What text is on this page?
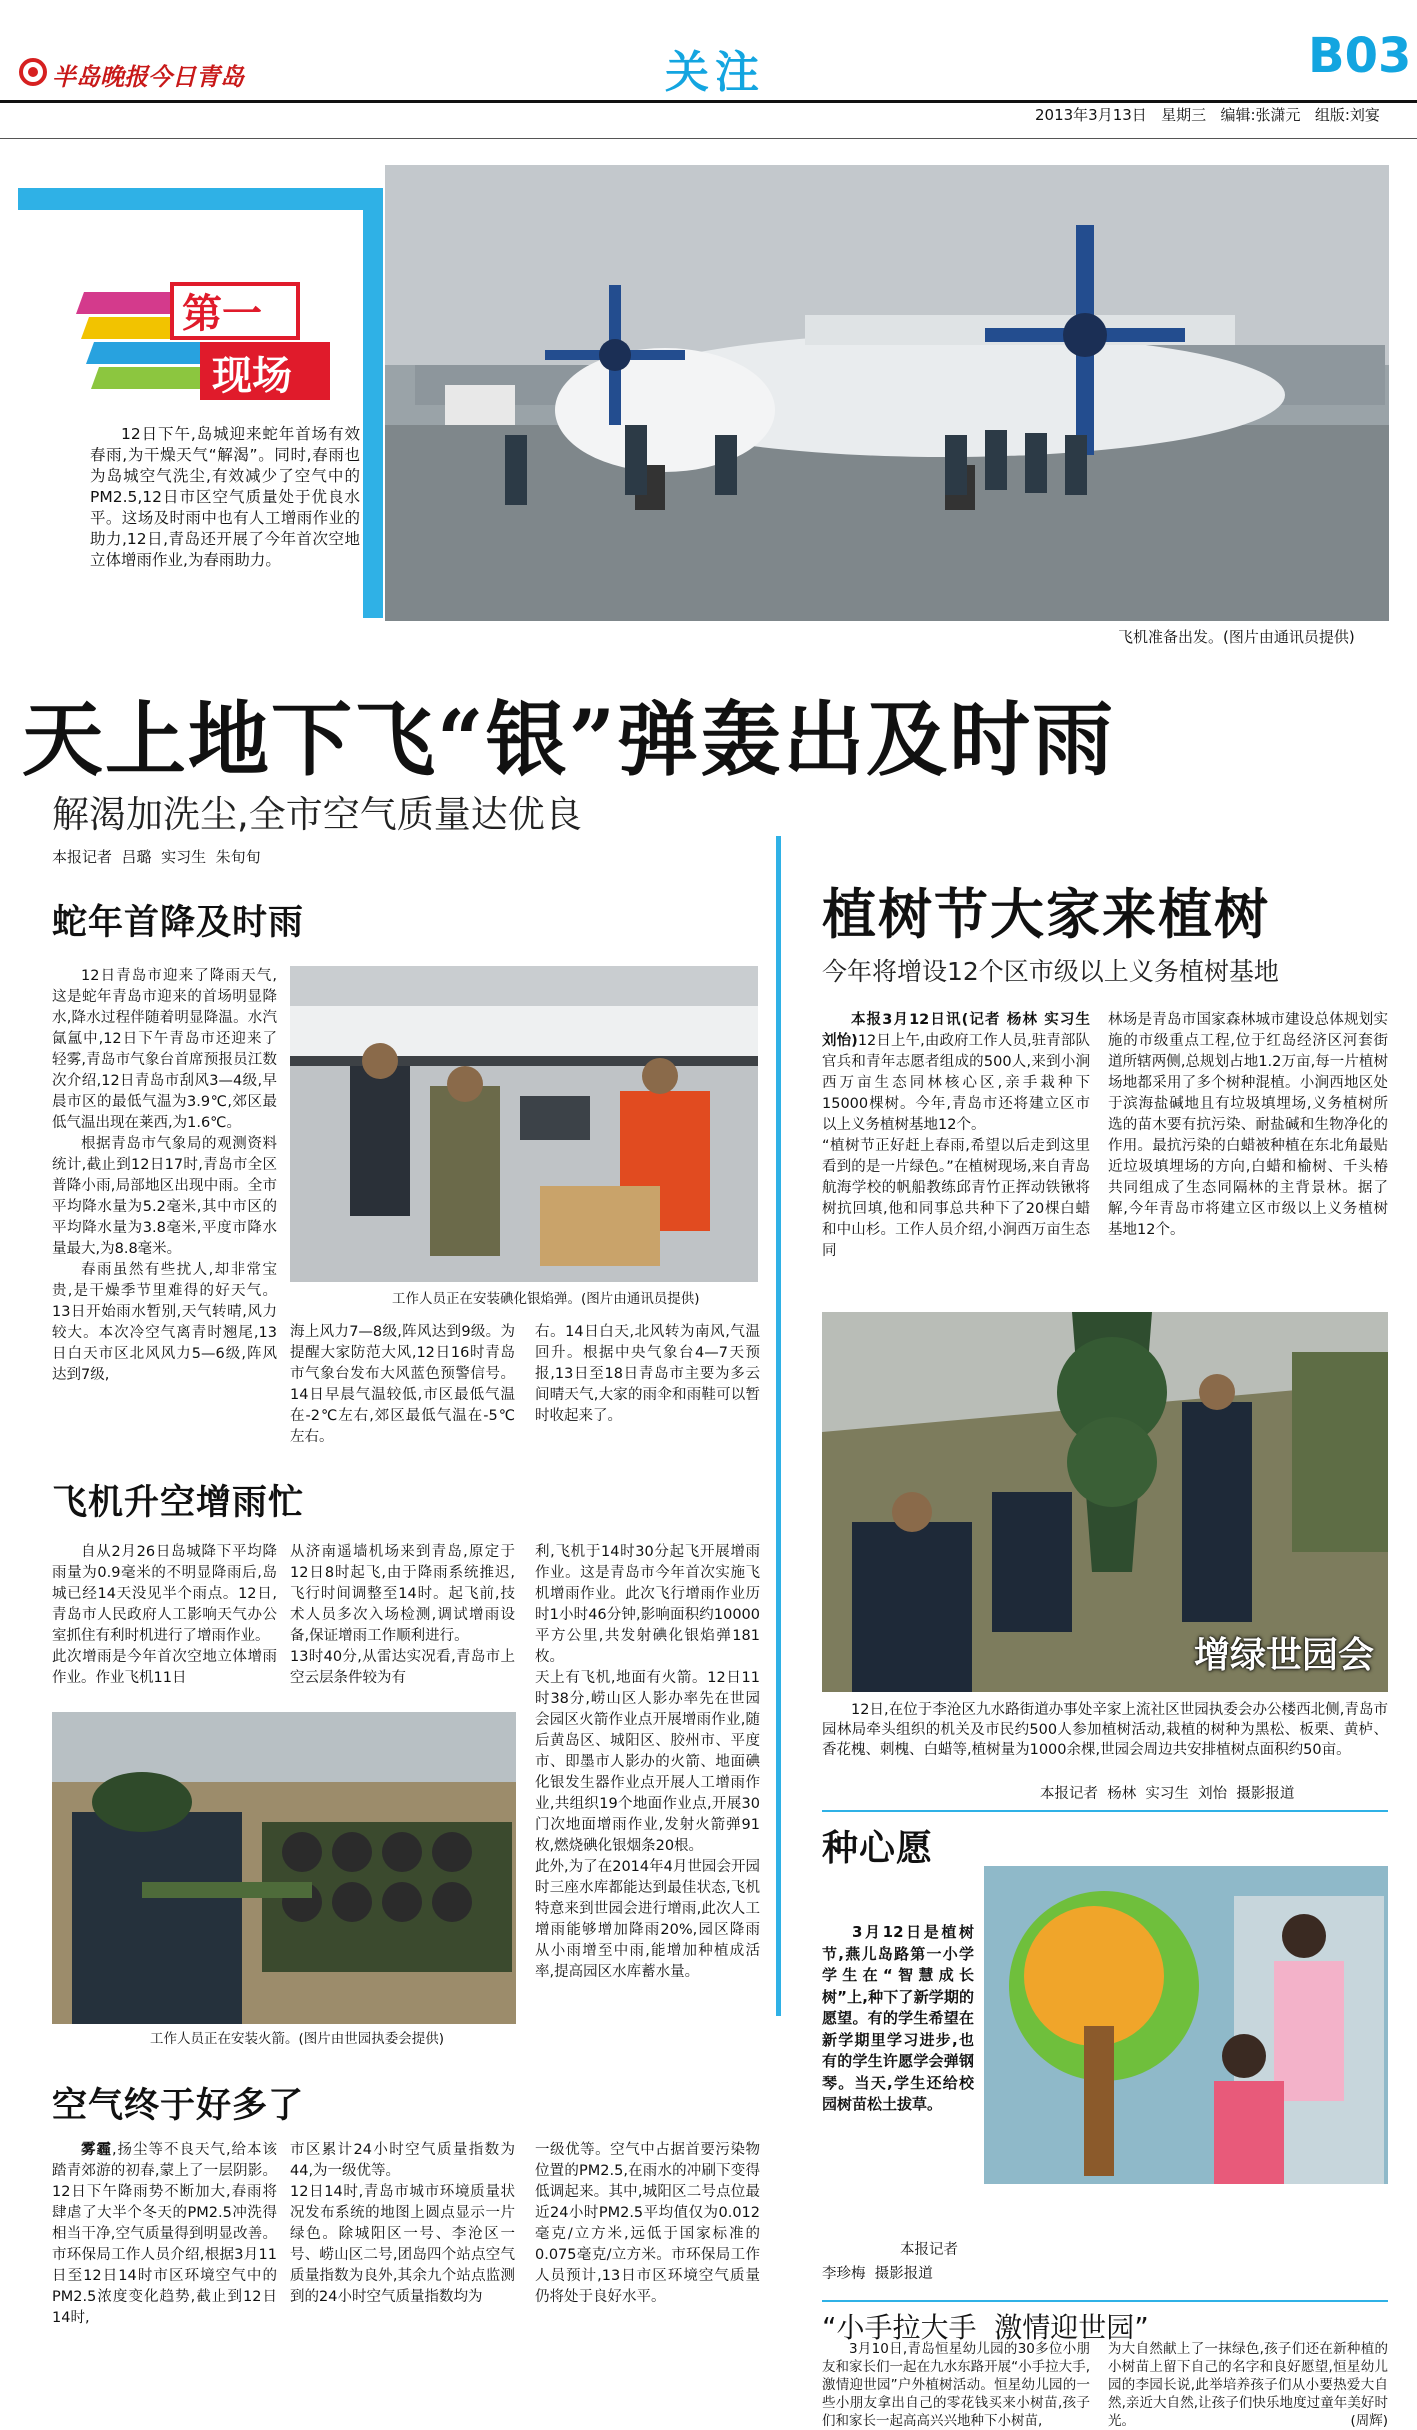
半岛晚报今日青岛	关注	B03
2013年3月13日 星期三 编辑:张潇元 组版:刘宴
第一
现场
12日下午,岛城迎来蛇年首场有效春雨,为干燥天气“解渴”。同时,春雨也为岛城空气洗尘,有效减少了空气中的PM2.5,12日市区空气质量处于优良水平。这场及时雨中也有人工增雨作业的助力,12日,青岛还开展了今年首次空地立体增雨作业,为春雨助力。
飞机准备出发。(图片由通讯员提供)
天上地下飞“银”弹轰出及时雨
解渴加洗尘,全市空气质量达优良
本报记者  吕璐  实习生  朱旬旬
蛇年首降及时雨

12日青岛市迎来了降雨天气,这是蛇年青岛市迎来的首场明显降水,降水过程伴随着明显降温。水汽氤氲中,12日下午青岛市还迎来了轻雾,青岛市气象台首席预报员江数次介绍,12日青岛市刮风3—4级,早晨市区的最低气温为3.9℃,郊区最低气温出现在莱西,为1.6℃。

根据青岛市气象局的观测资料统计,截止到12日17时,青岛市全区普降小雨,局部地区出现中雨。全市平均降水量为5.2毫米,其中市区的平均降水量为3.8毫米,平度市降水量最大,为8.8毫米。

春雨虽然有些扰人,却非常宝贵,是干燥季节里难得的好天气。13日开始雨水暂别,天气转晴,风力较大。本次冷空气离青时翘尾,13日白天市区北风风力5—6级,阵风达到7级,

工作人员正在安装碘化银焰弹。(图片由通讯员提供)
海上风力7—8级,阵风达到9级。为提醒大家防范大风,12日16时青岛市气象台发布大风蓝色预警信号。14日早晨气温较低,市区最低气温在-2℃左右,郊区最低气温在-5℃左右。
右。14日白天,北风转为南风,气温回升。根据中央气象台4—7天预报,13日至18日青岛市主要为多云间晴天气,大家的雨伞和雨鞋可以暂时收起来了。
飞机升空增雨忙
自从2月26日岛城降下平均降雨量为0.9毫米的不明显降雨后,岛城已经14天没见半个雨点。12日,青岛市人民政府人工影响天气办公室抓住有利时机进行了增雨作业。
此次增雨是今年首次空地立体增雨作业。作业飞机11日
从济南遥墙机场来到青岛,原定于12日8时起飞,由于降雨系统推迟,飞行时间调整至14时。起飞前,技术人员多次入场检测,调试增雨设备,保证增雨工作顺利进行。
13时40分,从雷达实况看,青岛市上空云层条件较为有
利,飞机于14时30分起飞开展增雨作业。这是青岛市今年首次实施飞机增雨作业。此次飞行增雨作业历时1小时46分钟,影响面积约10000平方公里,共发射碘化银焰弹181枚。
天上有飞机,地面有火箭。12日11时38分,崂山区人影办率先在世园会园区火箭作业点开展增雨作业,随后黄岛区、城阳区、胶州市、平度市、即墨市人影办的火箭、地面碘化银发生器作业点开展人工增雨作业,共组织19个地面作业点,开展30门次地面增雨作业,发射火箭弹91枚,燃烧碘化银烟条20根。
此外,为了在2014年4月世园会开园时三座水库都能达到最佳状态,飞机特意来到世园会进行增雨,此次人工增雨能够增加降雨20%,园区降雨从小雨增至中雨,能增加种植成活率,提高园区水库蓄水量。
工作人员正在安装火箭。(图片由世园执委会提供)
空气终于好多了
雾霾,扬尘等不良天气,给本该踏青郊游的初春,蒙上了一层阴影。12日下午降雨势不断加大,春雨将肆虐了大半个冬天的PM2.5冲洗得相当干净,空气质量得到明显改善。市环保局工作人员介绍,根据3月11日至12日14时市区环境空气中的PM2.5浓度变化趋势,截止到12日14时,
市区累计24小时空气质量指数为44,为一级优等。
12日14时,青岛市城市环境质量状况发布系统的地图上圆点显示一片绿色。除城阳区一号、李沧区一号、崂山区二号,团岛四个站点空气质量指数为良外,其余九个站点监测到的24小时空气质量指数均为
一级优等。空气中占据首要污染物位置的PM2.5,在雨水的冲刷下变得低调起来。其中,城阳区二号点位最近24小时PM2.5平均值仅为0.012毫克/立方米,远低于国家标准的0.075毫克/立方米。市环保局工作人员预计,13日市区环境空气质量仍将处于良好水平。
植树节大家来植树
今年将增设12个区市级以上义务植树基地
本报3月12日讯(记者 杨林 实习生 刘怡)12日上午,由政府工作人员,驻青部队官兵和青年志愿者组成的500人,来到小涧西万亩生态同林核心区,亲手栽种下15000棵树。今年,青岛市还将建立区市以上义务植树基地12个。
“植树节正好赶上春雨,希望以后走到这里看到的是一片绿色。”在植树现场,来自青岛航海学校的帆船教练邱青竹正挥动铁锹将树抗回填,他和同事总共种下了20棵白蜡和中山杉。工作人员介绍,小涧西万亩生态同
林场是青岛市国家森林城市建设总体规划实施的市级重点工程,位于红岛经济区河套街道所辖两侧,总规划占地1.2万亩,每一片植树场地都采用了多个树种混植。小涧西地区处于滨海盐碱地且有垃圾填埋场,义务植树所选的苗木要有抗污染、耐盐碱和生物净化的作用。最抗污染的白蜡被种植在东北角最贴近垃圾填埋场的方向,白蜡和榆树、千头椿共同组成了生态同隔林的主背景林。据了解,今年青岛市将建立区市级以上义务植树基地12个。
增绿世园会
12日,在位于李沧区九水路街道办事处辛家上流社区世园执委会办公楼西北侧,青岛市园林局牵头组织的机关及市民约500人参加植树活动,栽植的树种为黑松、板栗、黄栌、香花槐、刺槐、白蜡等,植树量为1000余棵,世园会周边共安排植树点面积约50亩。
本报记者  杨林  实习生  刘怡  摄影报道
种心愿
3月12日是植树节,燕儿岛路第一小学学生在“智慧成长树”上,种下了新学期的愿望。有的学生希望在新学期里学习进步,也有的学生许愿学会弹钢琴。当天,学生还给校园树苗松土拔草。
本报记者
李珍梅  摄影报道
“小手拉大手  激情迎世园”
3月10日,青岛恒星幼儿园的30多位小朋友和家长们一起在九水东路开展“小手拉大手,激情迎世园”户外植树活动。恒星幼儿园的一些小朋友拿出自己的零花钱买来小树苗,孩子们和家长一起高高兴兴地种下小树苗,
为大自然献上了一抹绿色,孩子们还在新种植的小树苗上留下自己的名字和良好愿望,恒星幼儿园的李园长说,此举培养孩子们从小要热爱大自然,亲近大自然,让孩子们快乐地度过童年美好时光。	(周辉)
